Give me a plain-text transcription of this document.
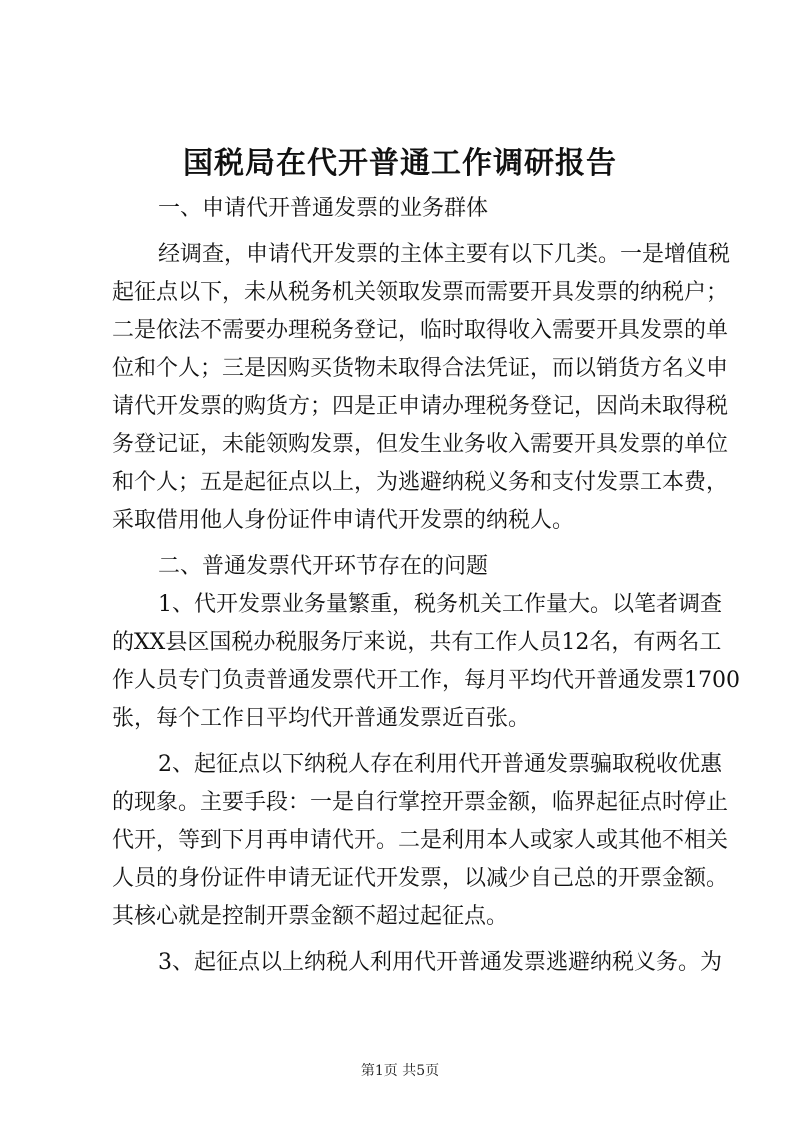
国税局在代开普通工作调研报告
一、申请代开普通发票的业务群体
经调查，申请代开发票的主体主要有以下几类。一是增值税
起征点以下，未从税务机关领取发票而需要开具发票的纳税户；
二是依法不需要办理税务登记，临时取得收入需要开具发票的单
位和个人；三是因购买货物未取得合法凭证，而以销货方名义申
请代开发票的购货方；四是正申请办理税务登记，因尚未取得税
务登记证，未能领购发票，但发生业务收入需要开具发票的单位
和个人；五是起征点以上，为逃避纳税义务和支付发票工本费，
采取借用他人身份证件申请代开发票的纳税人。
二、普通发票代开环节存在的问题
1、代开发票业务量繁重，税务机关工作量大。以笔者调查
的XX县区国税办税服务厅来说，共有工作人员12名，有两名工
作人员专门负责普通发票代开工作，每月平均代开普通发票1700
张，每个工作日平均代开普通发票近百张。
2、起征点以下纳税人存在利用代开普通发票骗取税收优惠
的现象。主要手段：一是自行掌控开票金额，临界起征点时停止
代开，等到下月再申请代开。二是利用本人或家人或其他不相关
人员的身份证件申请无证代开发票，以减少自己总的开票金额。
其核心就是控制开票金额不超过起征点。
3、起征点以上纳税人利用代开普通发票逃避纳税义务。为
第1页 共5页
